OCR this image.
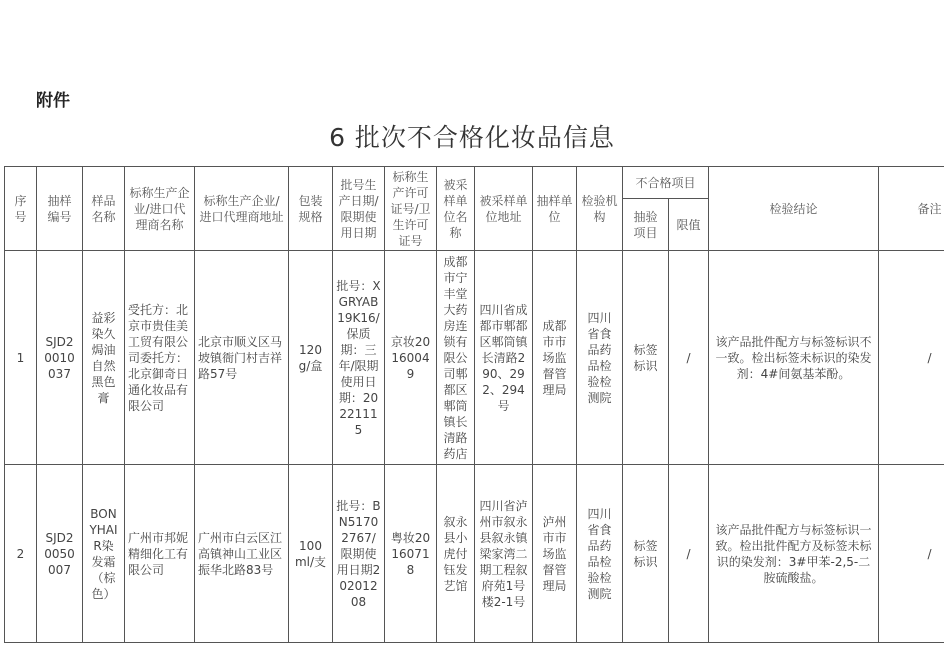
附件
6 批次不合格化妆品信息
序号	抽样编号	样品名称	标称生产企业/进口代理商名称	标称生产企业/进口代理商地址	包装规格	批号生产日期/限期使用日期	标称生产许可证号/卫生许可证号	被采样单位名称	被采样单位地址	抽样单位	检验机构	不合格项目		检验结论	备注
												抽验项目	限值		
1	SJD20010037	益彩染久焗油自然黑色膏	受托方：北京市贵佳美工贸有限公司委托方：北京御奇日通化妆品有限公司	北京市顺义区马坡镇衙门村吉祥路57号	120g/盒	批号：XGRYAB19K16/保质期：三年/限期使用日期：20221115	京妆20160049	成都市宁丰堂大药房连锁有限公司郫都区郫筒镇长清路药店	四川省成都市郫都区郫筒镇长清路290、292、294号	成都市市场监督管理局	四川省食品药品检验检测院	标签标识	/	该产品批件配方与标签标识不一致。检出标签未标识的染发剂：4#间氨基苯酚。	/
2	SJD20050007	BONYHAIR染发霜（棕色）	广州市邦妮精细化工有限公司	广州市白云区江高镇神山工业区振华北路83号	100ml/支	批号：BN51702767/限期使用日期20201208	粤妆20160718	叙永县小虎付钰发艺馆	四川省泸州市叙永县叙永镇梁家湾二期工程叙府苑1号楼2-1号	泸州市市场监督管理局	四川省食品药品检验检测院	标签标识	/	该产品批件配方与标签标识一致。检出批件配方及标签未标识的染发剂：3#甲苯-2,5-二胺硫酸盐。	/
